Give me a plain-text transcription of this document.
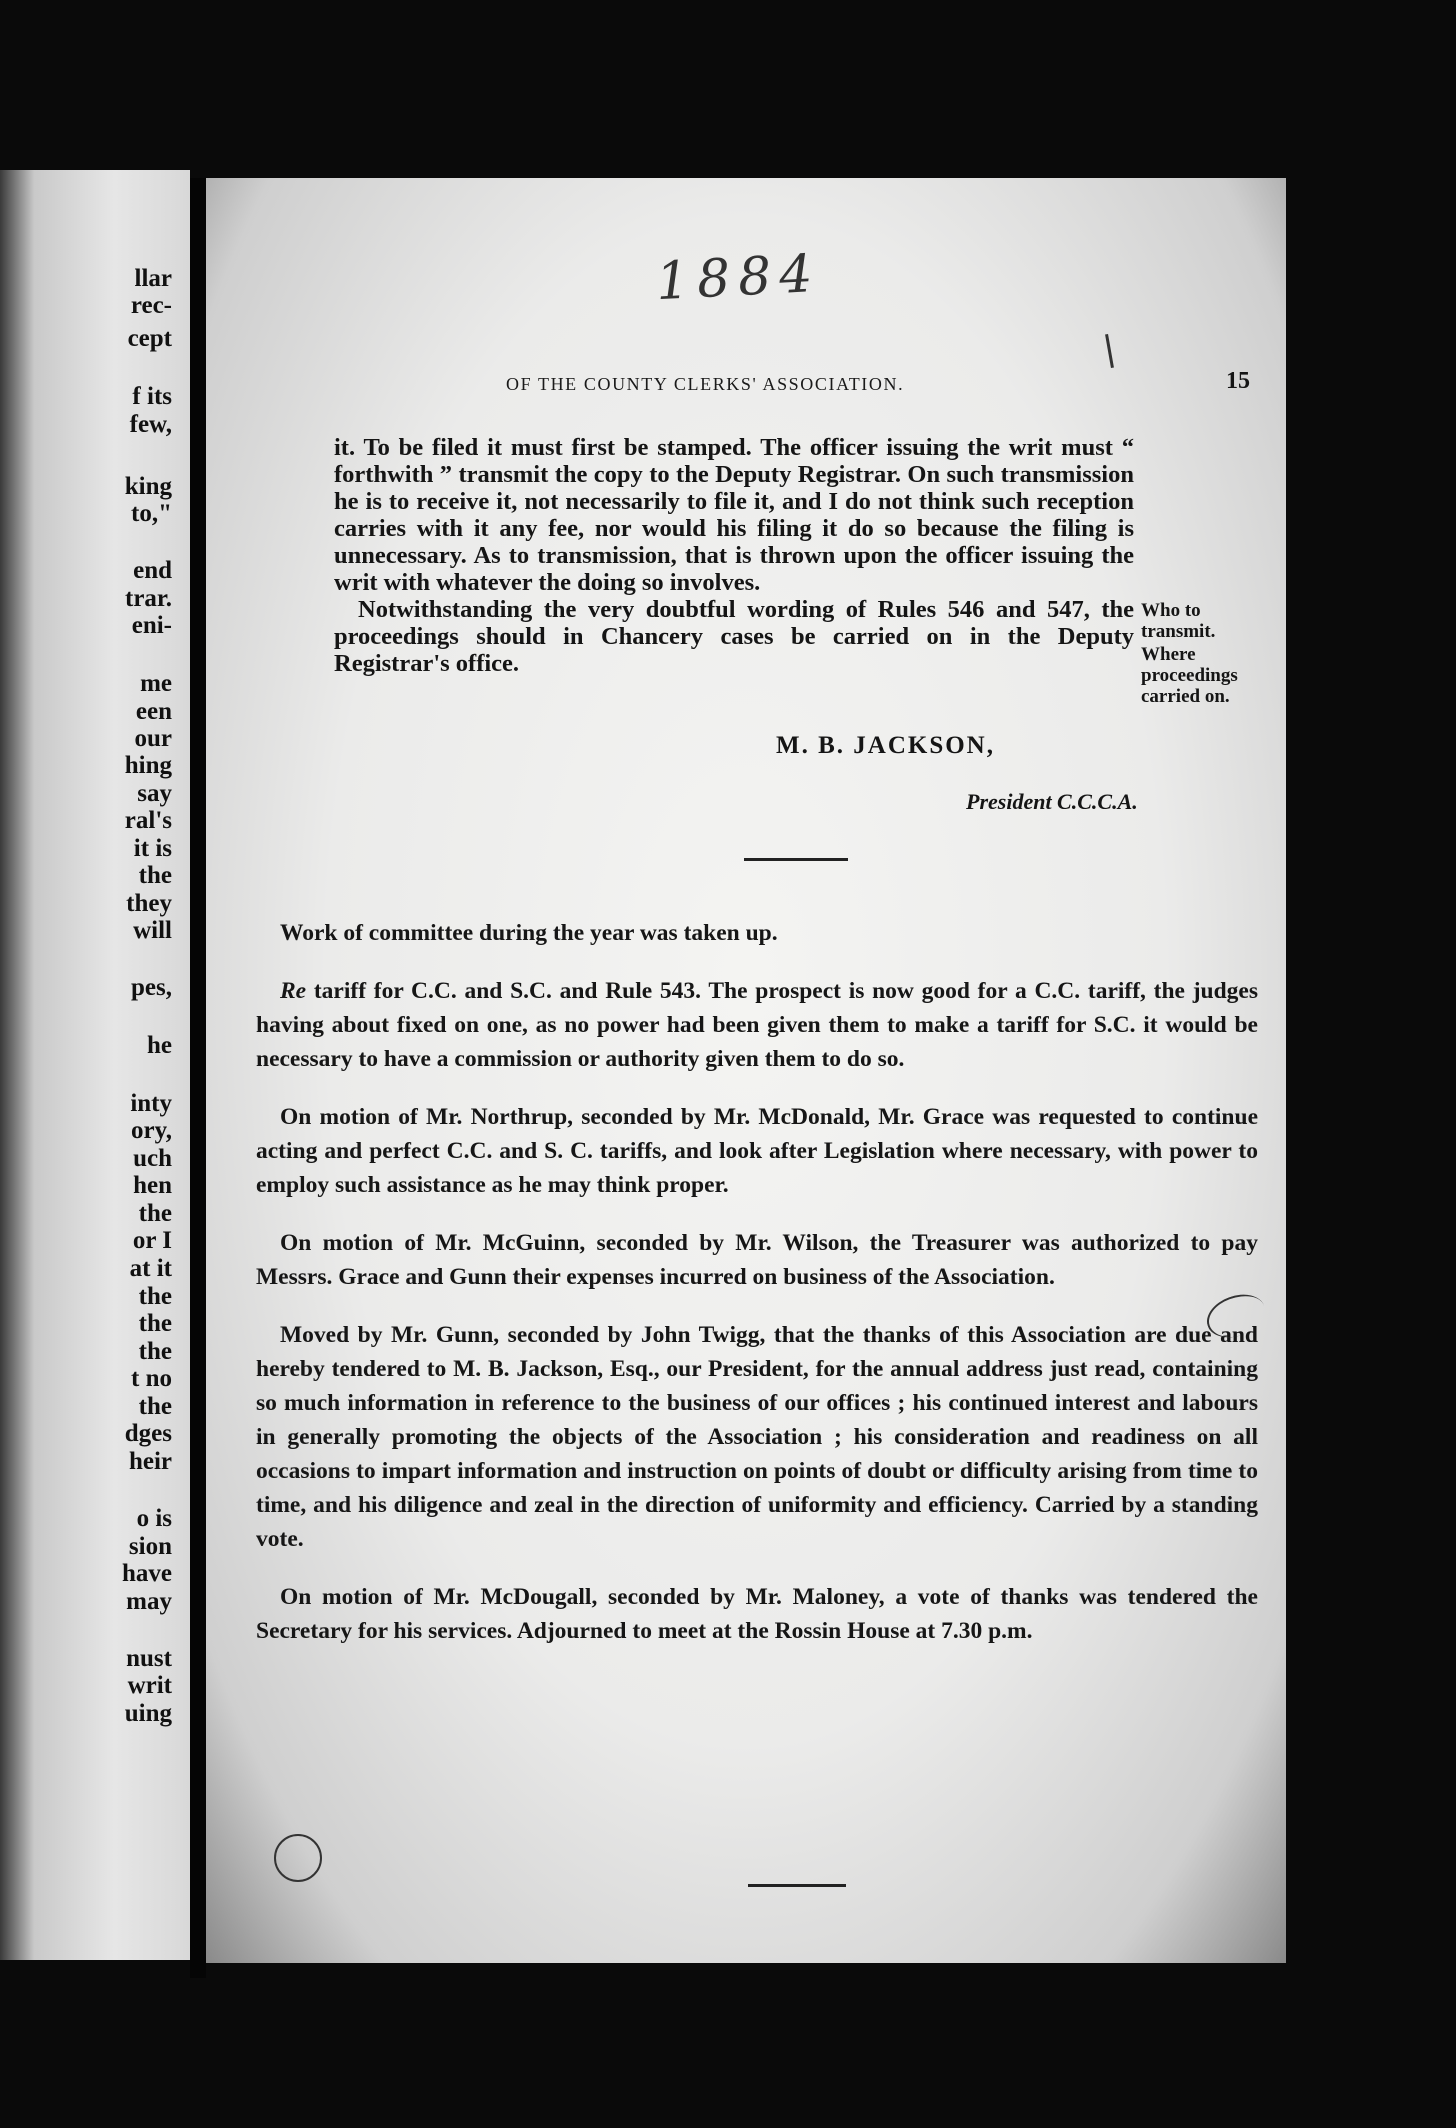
llar
rec-
cept
f its
few,
king
to,"
end
trar.
eni-
me
een
our
hing
say
ral's
it is
the
they
will
pes,
he
inty
ory,
uch
hen
the
or I
at it
the
the
the
t no
the
dges
heir
o is
sion
have
may
nust
writ
uing
1884
OF THE COUNTY CLERKS' ASSOCIATION.	15

it. To be filed it must first be stamped. The officer issuing the writ must “ forthwith ” transmit the copy to the Deputy Registrar. On such transmission he is to receive it, not necessarily to file it, and I do not think such reception carries with it any fee, nor would his filing it do so because the filing is unnecessary. As to transmission, that is thrown upon the officer issuing the writ with whatever the doing so involves.

Notwithstanding the very doubtful wording of Rules 546 and 547, the proceedings should in Chancery cases be carried on in the Deputy Registrar's office.

Who to transmit.
Where proceedings carried on.
M. B. JACKSON,
President C.C.C.A.

Work of committee during the year was taken up.

Re tariff for C.C. and S.C. and Rule 543. The prospect is now good for a C.C. tariff, the judges having about fixed on one, as no power had been given them to make a tariff for S.C. it would be necessary to have a commission or authority given them to do so.

On motion of Mr. Northrup, seconded by Mr. McDonald, Mr. Grace was requested to continue acting and perfect C.C. and S. C. tariffs, and look after Legislation where necessary, with power to employ such assistance as he may think proper.

On motion of Mr. McGuinn, seconded by Mr. Wilson, the Treasurer was authorized to pay Messrs. Grace and Gunn their expenses incurred on business of the Association.

Moved by Mr. Gunn, seconded by John Twigg, that the thanks of this Association are due and hereby tendered to M. B. Jackson, Esq., our President, for the annual address just read, containing so much information in reference to the business of our offices ; his continued interest and labours in generally promoting the objects of the Association ; his consideration and readiness on all occasions to impart information and instruction on points of doubt or difficulty arising from time to time, and his diligence and zeal in the direction of uniformity and efficiency. Carried by a standing vote.

On motion of Mr. McDougall, seconded by Mr. Maloney, a vote of thanks was tendered the Secretary for his services. Adjourned to meet at the Rossin House at 7.30 p.m.
